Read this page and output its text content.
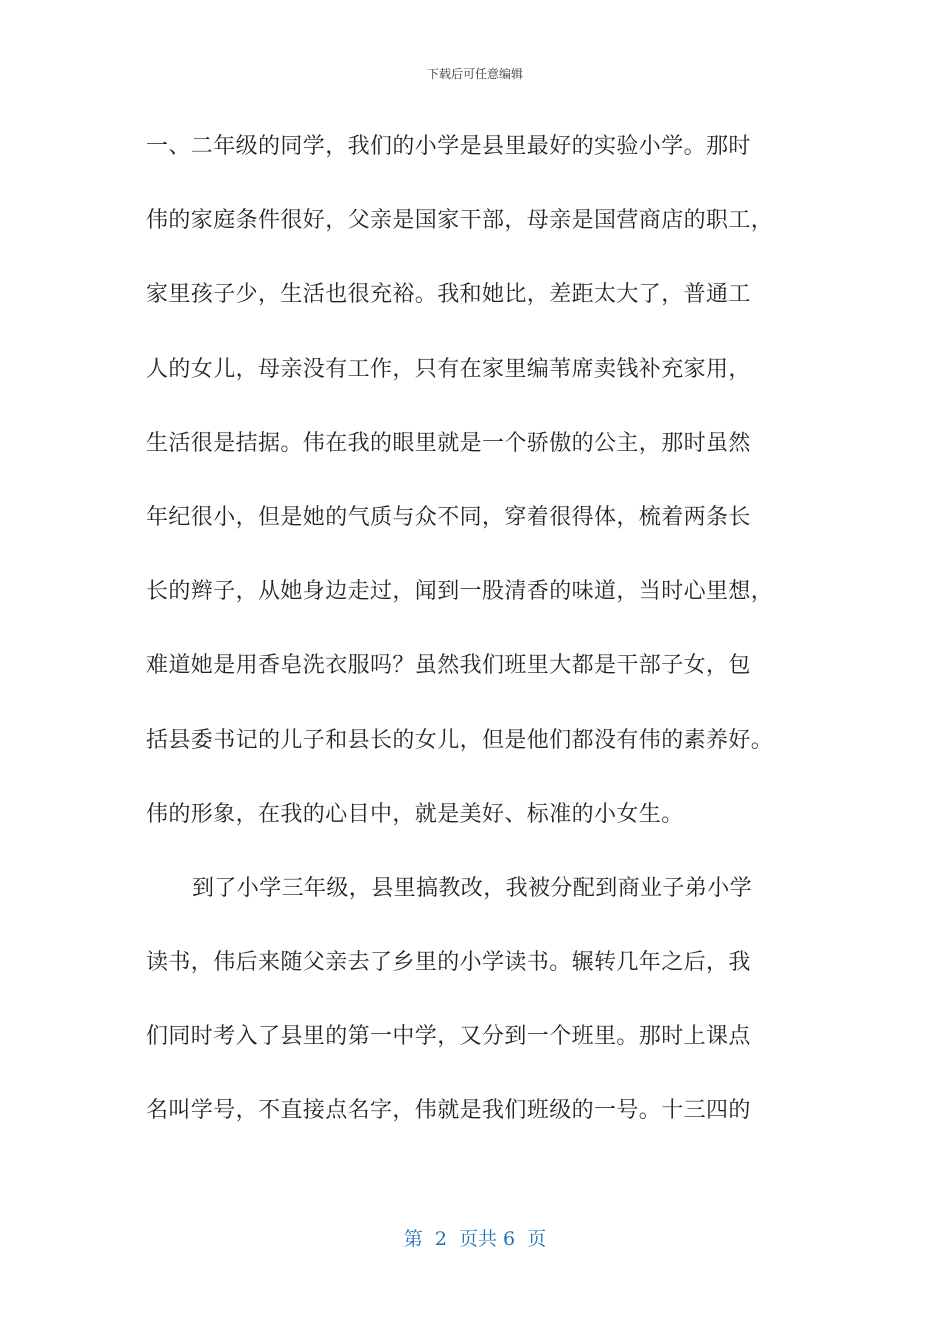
下载后可任意编辑
一、二年级的同学，我们的小学是县里最好的实验小学。那时
伟的家庭条件很好，父亲是国家干部，母亲是国营商店的职工，
家里孩子少，生活也很充裕。我和她比，差距太大了，普通工
人的女儿，母亲没有工作，只有在家里编苇席卖钱补充家用，
生活很是拮据。伟在我的眼里就是一个骄傲的公主，那时虽然
年纪很小，但是她的气质与众不同，穿着很得体，梳着两条长
长的辫子，从她身边走过，闻到一股清香的味道，当时心里想，
难道她是用香皂洗衣服吗？虽然我们班里大都是干部子女，包
括县委书记的儿子和县长的女儿，但是他们都没有伟的素养好。
伟的形象，在我的心目中，就是美好、标准的小女生。
到了小学三年级，县里搞教改，我被分配到商业子弟小学
读书，伟后来随父亲去了乡里的小学读书。辗转几年之后，我
们同时考入了县里的第一中学，又分到一个班里。那时上课点
名叫学号，不直接点名字，伟就是我们班级的一号。十三四的
第  2  页共 6  页
